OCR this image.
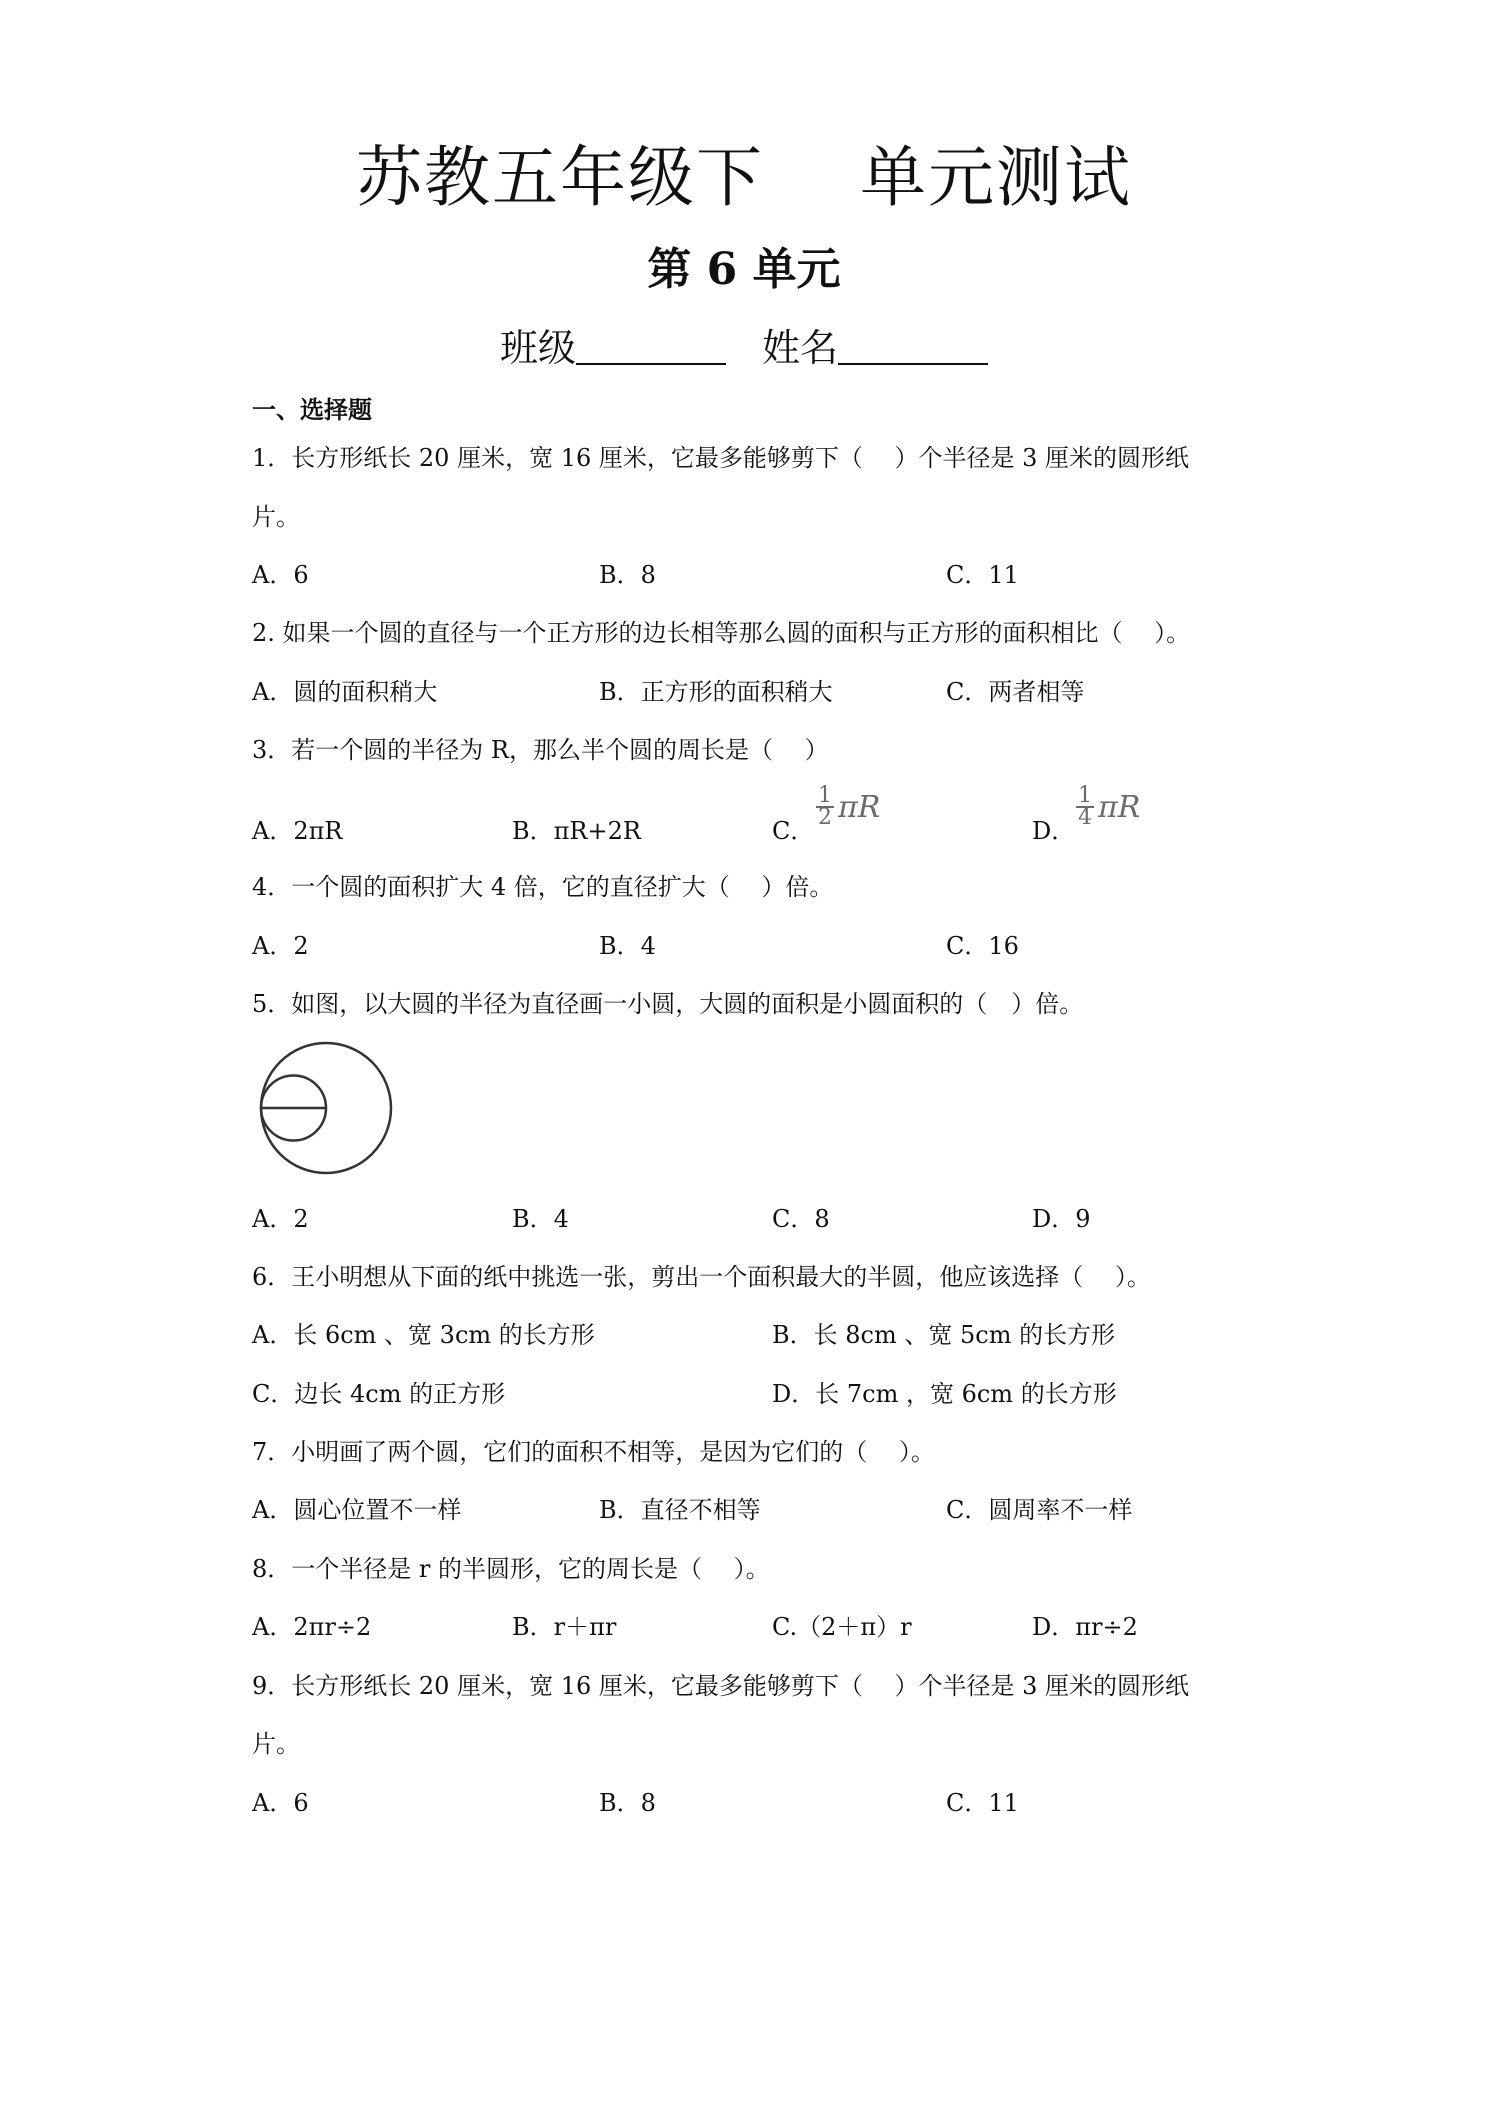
苏教五年级下 单元测试
第 6 单元
班级	姓名
一、选择题
1．长方形纸长 20 厘米，宽 16 厘米，它最多能够剪下（　 ）个半径是 3 厘米的圆形纸
片。
A．6	B．8	C．11
2. 如果一个圆的直径与一个正方形的边长相等那么圆的面积与正方形的面积相比（　 ）。
A．圆的面积稍大	B．正方形的面积稍大	C．两者相等
3．若一个圆的半径为 R，那么半个圆的周长是（　 ）
A．2πR	B．πR+2R	C．
$\frac{1}{2}$ πR
D．
$\frac{1}{4}$ πR
4．一个圆的面积扩大 4 倍，它的直径扩大（　 ）倍。
A．2	B．4	C．16
5．如图，以大圆的半径为直径画一小圆，大圆的面积是小圆面积的（　）倍。
A．2	B．4	C．8	D．9
6．王小明想从下面的纸中挑选一张，剪出一个面积最大的半圆，他应该选择（　 ）。
A．长 6cm 、宽 3cm 的长方形	B．长 8cm 、宽 5cm 的长方形
C．边长 4cm 的正方形	D．长 7cm ，宽 6cm 的长方形
7．小明画了两个圆，它们的面积不相等，是因为它们的（　 ）。
A．圆心位置不一样	B．直径不相等	C．圆周率不一样
8．一个半径是 r 的半圆形，它的周长是（　 ）。
A．2πr÷2	B．r＋πr	C.（2＋π）r	D．πr÷2
9．长方形纸长 20 厘米，宽 16 厘米，它最多能够剪下（　 ）个半径是 3 厘米的圆形纸
片。
A．6	B．8	C．11
